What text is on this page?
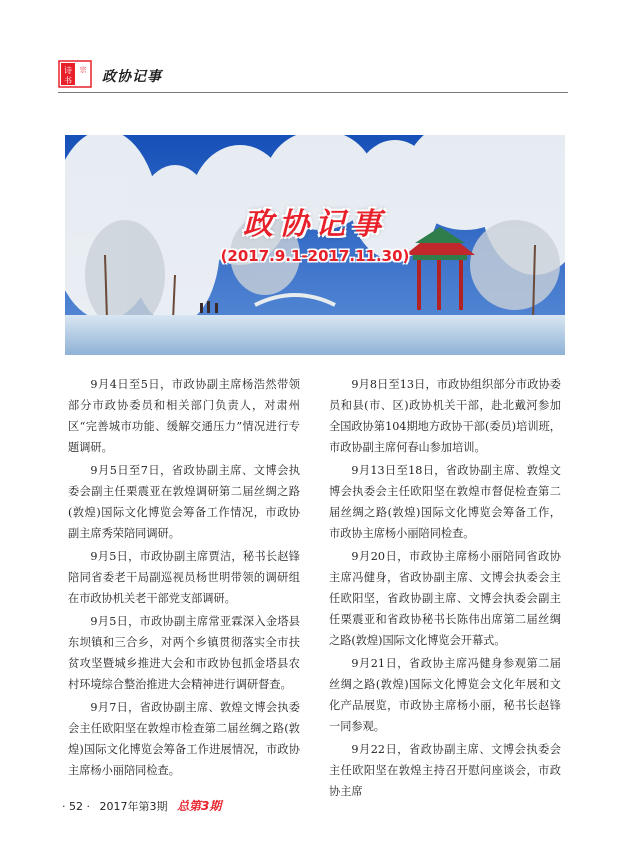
诗
书
宗 政协记事
政协记事
(2017.9.1-2017.11.30)

9月4日至5日，市政协副主席杨浩然带领部分市政协委员和相关部门负责人，对肃州区“完善城市功能、缓解交通压力”情况进行专题调研。

9月5日至7日，省政协副主席、文博会执委会副主任栗震亚在敦煌调研第二届丝绸之路(敦煌)国际文化博览会筹备工作情况，市政协副主席秀荣陪同调研。

9月5日，市政协副主席贾洁，秘书长赵锋陪同省委老干局副巡视员杨世明带领的调研组在市政协机关老干部党支部调研。

9月5日，市政协副主席常亚霖深入金塔县东坝镇和三合乡，对两个乡镇贯彻落实全市扶贫攻坚暨城乡推进大会和市政协包抓金塔县农村环境综合整治推进大会精神进行调研督查。

9月7日，省政协副主席、敦煌文博会执委会主任欧阳坚在敦煌市检查第二届丝绸之路(敦煌)国际文化博览会筹备工作进展情况，市政协主席杨小丽陪同检查。

9月8日至13日，市政协组织部分市政协委员和县(市、区)政协机关干部，赴北戴河参加全国政协第104期地方政协干部(委员)培训班，市政协副主席何春山参加培训。

9月13日至18日，省政协副主席、敦煌文博会执委会主任欧阳坚在敦煌市督促检查第二届丝绸之路(敦煌)国际文化博览会筹备工作，市政协主席杨小丽陪同检查。

9月20日，市政协主席杨小丽陪同省政协主席冯健身，省政协副主席、文博会执委会主任欧阳坚，省政协副主席、文博会执委会副主任栗震亚和省政协秘书长陈伟出席第二届丝绸之路(敦煌)国际文化博览会开幕式。

9月21日，省政协主席冯健身参观第二届丝绸之路(敦煌)国际文化博览会文化年展和文化产品展览，市政协主席杨小丽，秘书长赵锋一同参观。

9月22日，省政协副主席、文博会执委会主任欧阳坚在敦煌主持召开慰问座谈会，市政协主席

· 52 · 2017年第3期 总第3期
